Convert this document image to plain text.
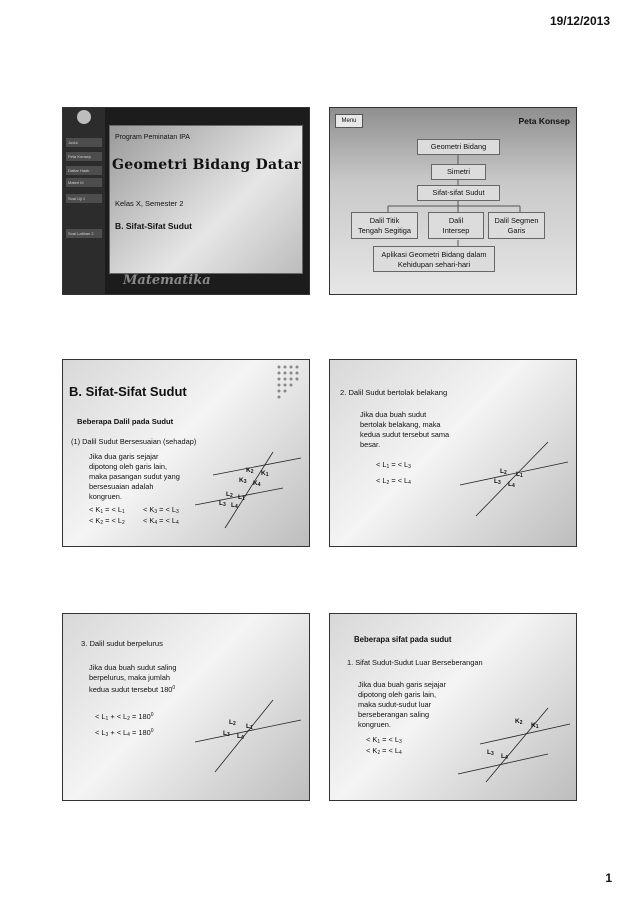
19/12/2013
Judul
Peta Konsep
Daftar Hadir
Materi III
Soal Uji 1
Soal Latihan 2
Program Peminatan IPA
Geometri Bidang Datar
Kelas X, Semester 2
B. Sifat-Sifat Sudut
Matematika
Menu	Peta Konsep
Geometri Bidang
Simetri
Sifat-sifat Sudut
Dalil Titik
Tengah Segitiga
Dalil
Intersep
Dalil Segmen
Garis
Aplikasi Geometri Bidang dalam
Kehidupan sehari-hari
B. Sifat-Sifat Sudut
Beberapa Dalil pada Sudut
(1) Dalil Sudut Bersesuaian (sehadap)
Jika dua garis sejajar
dipotong oleh garis lain,
maka pasangan sudut yang
bersesuaian adalah
kongruen.
< $K_1$ = < $L_1 < K_3$ = < $L_3$
< $K_2$ = < $L_2 < K_4$ = < $L_4$
$K_2$ $K_1$
$K_3$ $K_4$
$L_2$ $L_1$
$L_3$ $L_4$
2. Dalil Sudut bertolak belakang
Jika dua buah sudut
bertolak belakang, maka
kedua sudut tersebut sama
besar.
< $L_1$ = < $L_3$
< $L_2$ = < $L_4$
$L_2$ $L_1$
$L_3$ $L_4$
3. Dalil sudut berpelurus
Jika dua buah sudut saling
berpelurus, maka jumlah
kedua sudut tersebut $180^0$
< $L_1$ + < $L_2 = 180^0$
< $L_3$ + < $L_4 = 180^0$
$L_2$ $L_1$
$L_3$ $L_4$
Beberapa sifat pada sudut
1. Sifat Sudut-Sudut Luar Berseberangan
Jika dua buah garis sejajar
dipotong oleh garis lain,
maka sudut-sudut luar
berseberangan saling
kongruen.
< $K_1$ = < $L_3$
< $K_2$ = < $L_4$
$K_2$ $K_1$
$L_3$ $L_4$
1
